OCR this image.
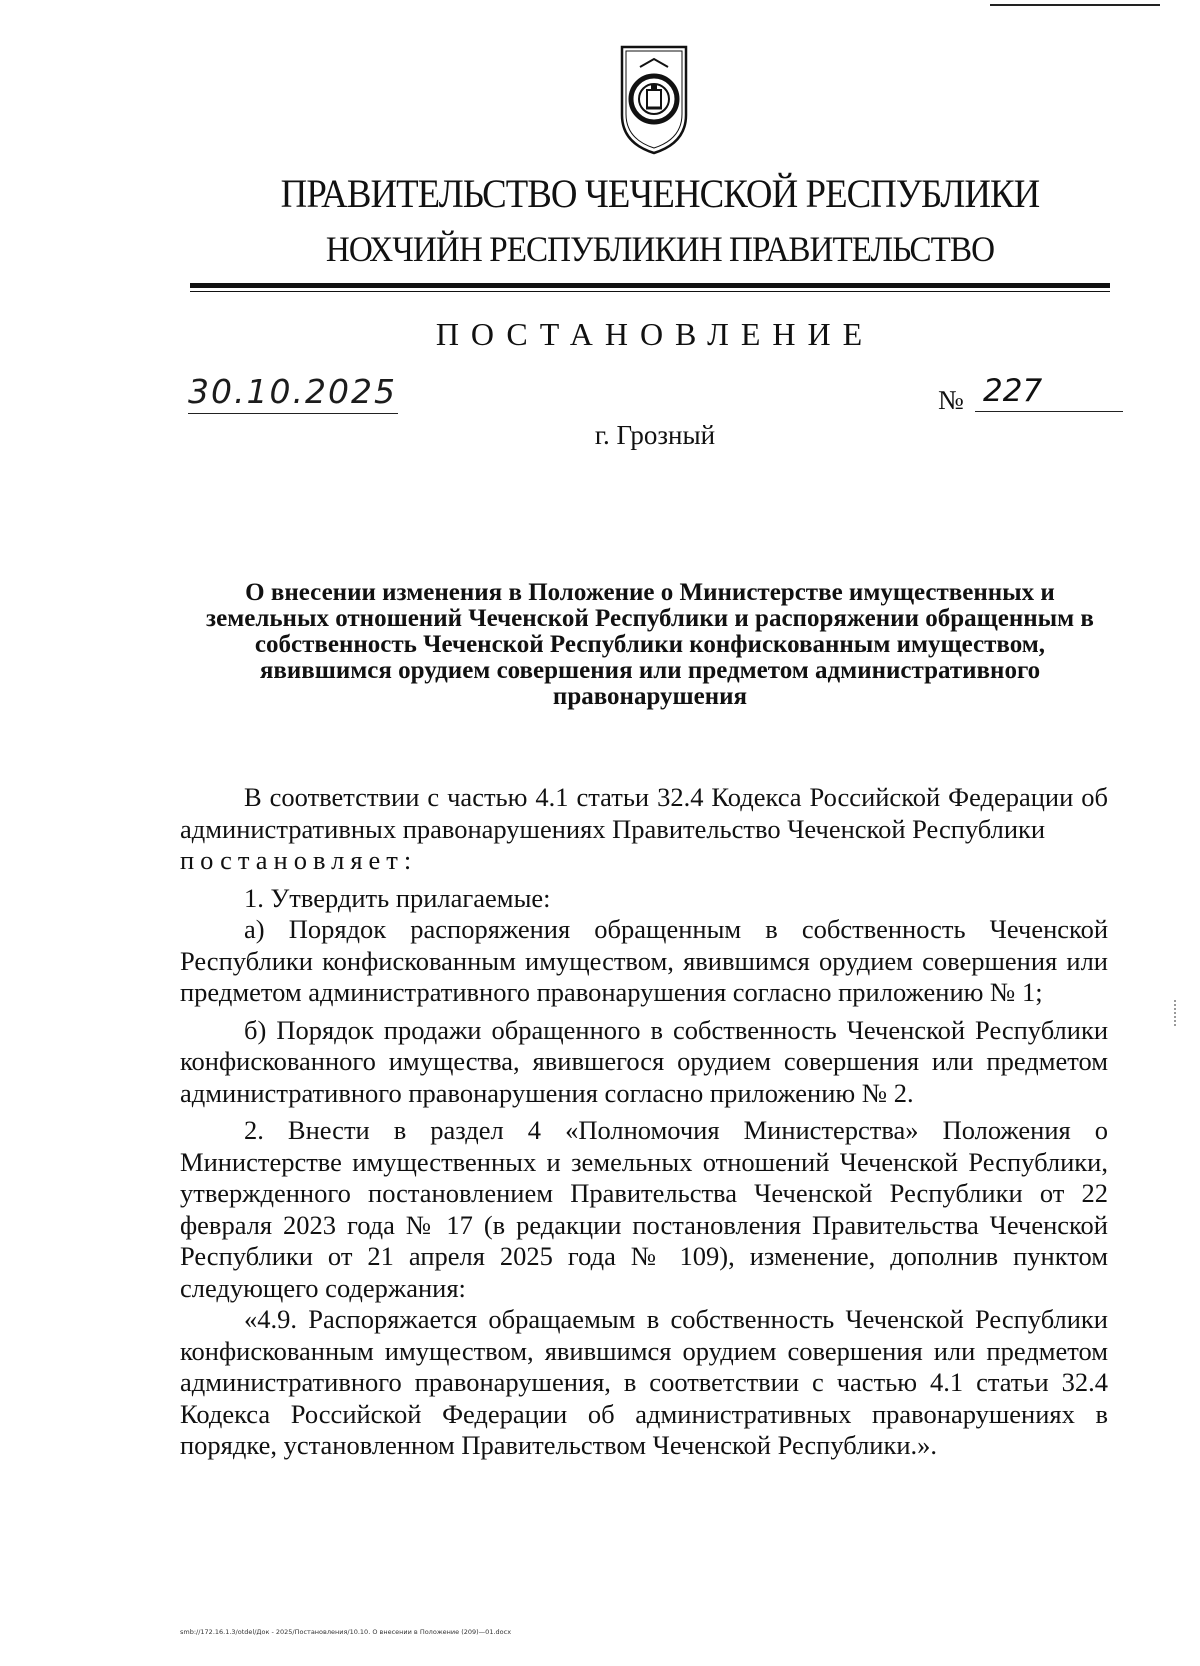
ПРАВИТЕЛЬСТВО ЧЕЧЕНСКОЙ РЕСПУБЛИКИ
НОХЧИЙН РЕСПУБЛИКИН ПРАВИТЕЛЬСТВО
ПОСТАНОВЛЕНИЕ
30.10.2025	№ 227
г. Грозный
О внесении изменения в Положение о Министерстве имущественных и земельных отношений Чеченской Республики и распоряжении обращенным в собственность Чеченской Республики конфискованным имуществом, явившимся орудием совершения или предметом административного правонарушения

В соответствии с частью 4.1 статьи 32.4 Кодекса Российской Федерации об административных правонарушениях Правительство Чеченской Республики

постановляет:

1. Утвердить прилагаемые:

а) Порядок распоряжения обращенным в собственность Чеченской Республики конфискованным имуществом, явившимся орудием совершения или предметом административного правонарушения согласно приложению № 1;

б) Порядок продажи обращенного в собственность Чеченской Республики конфискованного имущества, явившегося орудием совершения или предметом административного правонарушения согласно приложению № 2.

2. Внести в раздел 4 «Полномочия Министерства» Положения о Министерстве имущественных и земельных отношений Чеченской Республики, утвержденного постановлением Правительства Чеченской Республики от 22 февраля 2023 года № 17 (в редакции постановления Правительства Чеченской Республики от 21 апреля 2025 года № 109), изменение, дополнив пунктом следующего содержания:

«4.9. Распоряжается обращаемым в собственность Чеченской Республики конфискованным имуществом, явившимся орудием совершения или предметом административного правонарушения, в соответствии с частью 4.1 статьи 32.4 Кодекса Российской Федерации об административных правонарушениях в порядке, установленном Правительством Чеченской Республики.».

smb://172.16.1.3/otdel/Док - 2025/Постановления/10.10. О внесении в Положение (209)—01.docx
